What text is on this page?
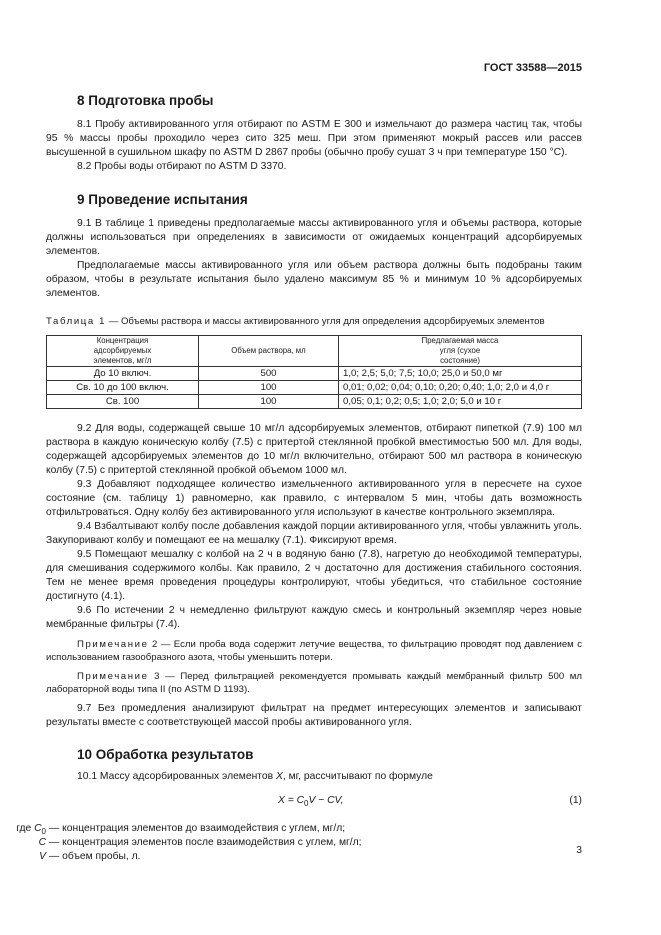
ГОСТ 33588—2015
8 Подготовка пробы

8.1 Пробу активированного угля отбирают по ASTM E 300 и измельчают до размера частиц так, чтобы 95 % массы пробы проходило через сито 325 меш. При этом применяют мокрый рассев или рассев высушенной в сушильном шкафу по ASTM D 2867 пробы (обычно пробу сушат 3 ч при температуре 150 °С).

8.2 Пробы воды отбирают по ASTM D 3370.

9 Проведение испытания

9.1 В таблице 1 приведены предполагаемые массы активированного угля и объемы раствора, которые должны использоваться при определениях в зависимости от ожидаемых концентраций адсорбируемых элементов.

Предполагаемые массы активированного угля или объем раствора должны быть подобраны таким образом, чтобы в результате испытания было удалено максимум 85 % и минимум 10 % адсорбируемых элементов.

Таблица 1 — Объемы раствора и массы активированного угля для определения адсорбируемых элементов
Концентрация адсорбируемых элементов, мг/л	Объем раствора, мл	Предлагаемая масса угля (сухое состояние)
До 10 включ.	500	1,0; 2,5; 5,0; 7,5; 10,0; 25,0 и 50,0 мг
Св. 10 до 100 включ.	100	0,01; 0,02; 0,04; 0,10; 0,20; 0,40; 1,0; 2,0 и 4,0 г
Св. 100	100	0,05; 0,1; 0,2; 0,5; 1,0; 2,0; 5,0 и 10 г

9.2 Для воды, содержащей свыше 10 мг/л адсорбируемых элементов, отбирают пипеткой (7.9) 100 мл раствора в каждую коническую колбу (7.5) с притертой стеклянной пробкой вместимостью 500 мл. Для воды, содержащей адсорбируемых элементов до 10 мг/л включительно, отбирают 500 мл раствора в коническую колбу (7.5) с притертой стеклянной пробкой объемом 1000 мл.

9.3 Добавляют подходящее количество измельченного активированного угля в пересчете на сухое состояние (см. таблицу 1) равномерно, как правило, с интервалом 5 мин, чтобы дать возможность отфильтроваться. Одну колбу без активированного угля используют в качестве контрольного экземпляра.

9.4 Взбалтывают колбу после добавления каждой порции активированного угля, чтобы увлажнить уголь. Закупоривают колбу и помещают ее на мешалку (7.1). Фиксируют время.

9.5 Помещают мешалку с колбой на 2 ч в водяную баню (7.8), нагретую до необходимой температуры, для смешивания содержимого колбы. Как правило, 2 ч достаточно для достижения стабильного состояния. Тем не менее время проведения процедуры контролируют, чтобы убедиться, что стабильное состояние достигнуто (4.1).

9.6 По истечении 2 ч немедленно фильтруют каждую смесь и контрольный экземпляр через новые мембранные фильтры (7.4).

Примечание 2 — Если проба вода содержит летучие вещества, то фильтрацию проводят под давлением с использованием газообразного азота, чтобы уменьшить потери.
Примечание 3 — Перед фильтрацией рекомендуется промывать каждый мембранный фильтр 500 мл лабораторной воды типа II (по ASTM D 1193).

9.7 Без промедления анализируют фильтрат на предмет интересующих элементов и записывают результаты вместе с соответствующей массой пробы активированного угля.

10 Обработка результатов

10.1 Массу адсорбированных элементов X, мг, рассчитывают по формуле

$X = C_0V$ − CV,	(1)
где $C_0$ — концентрация элементов до взаимодействия с углем, мг/л;
C — концентрация элементов после взаимодействия с углем, мг/л;
V — объем пробы, л.
3
